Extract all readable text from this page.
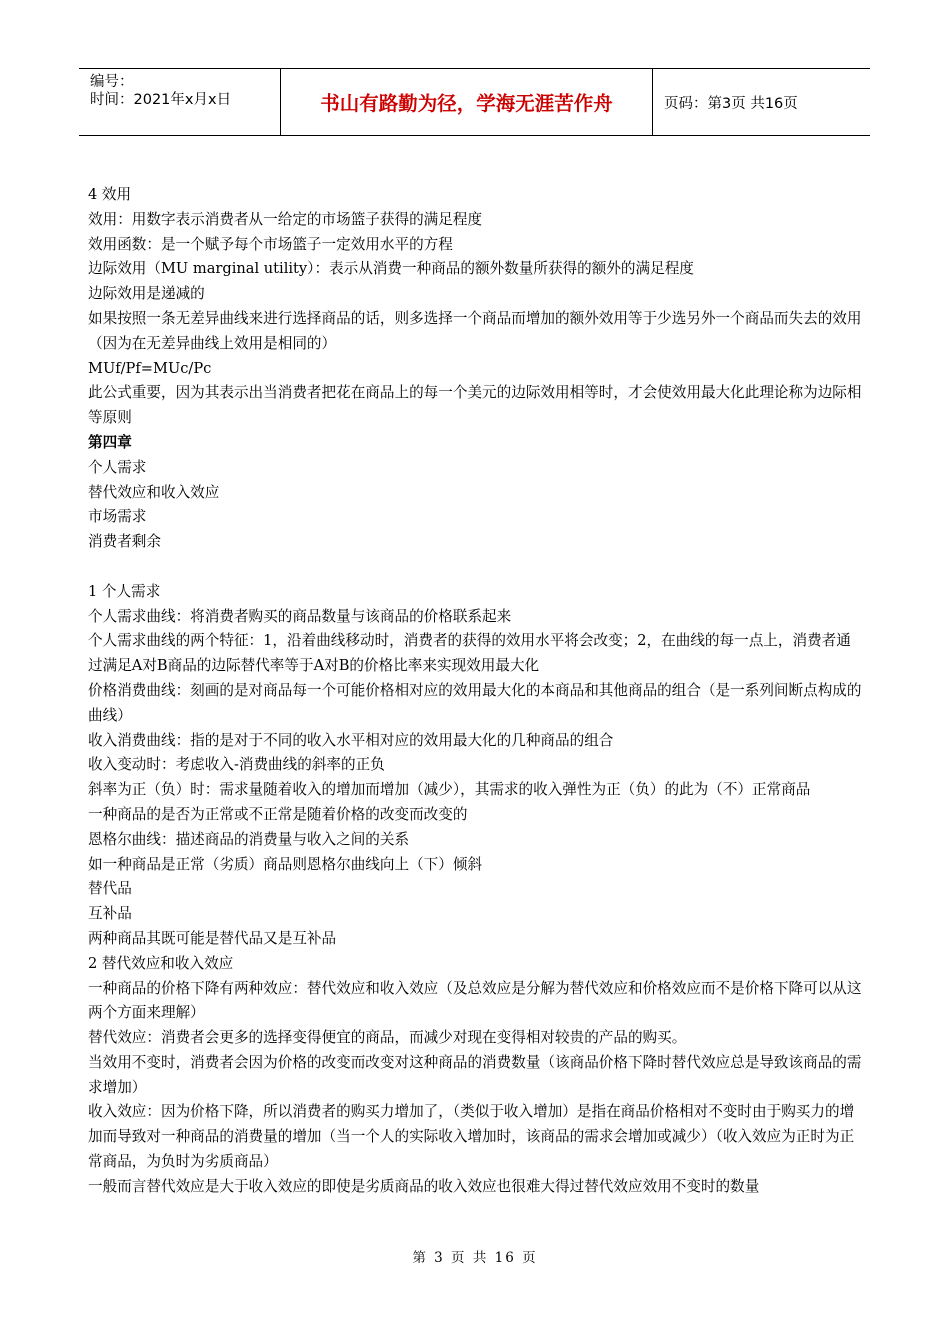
编号：
时间：2021年x月x日	书山有路勤为径，学海无涯苦作舟	页码：第3页 共16页

4 效用

效用：用数字表示消费者从一给定的市场篮子获得的满足程度

效用函数：是一个赋予每个市场篮子一定效用水平的方程

边际效用（MU marginal utility）：表示从消费一种商品的额外数量所获得的额外的满足程度

边际效用是递减的

如果按照一条无差异曲线来进行选择商品的话，则多选择一个商品而增加的额外效用等于少选另外一个商品而失去的效用（因为在无差异曲线上效用是相同的）

MUf/Pf=MUc/Pc

此公式重要，因为其表示出当消费者把花在商品上的每一个美元的边际效用相等时，才会使效用最大化此理论称为边际相等原则

第四章

个人需求

替代效应和收入效应

市场需求

消费者剩余

1 个人需求

个人需求曲线：将消费者购买的商品数量与该商品的价格联系起来

个人需求曲线的两个特征：1，沿着曲线移动时，消费者的获得的效用水平将会改变；2，在曲线的每一点上，消费者通过满足A对B商品的边际替代率等于A对B的价格比率来实现效用最大化

价格消费曲线：刻画的是对商品每一个可能价格相对应的效用最大化的本商品和其他商品的组合（是一系列间断点构成的曲线）

收入消费曲线：指的是对于不同的收入水平相对应的效用最大化的几种商品的组合

收入变动时：考虑收入-消费曲线的斜率的正负

斜率为正（负）时：需求量随着收入的增加而增加（减少），其需求的收入弹性为正（负）的此为（不）正常商品

一种商品的是否为正常或不正常是随着价格的改变而改变的

恩格尔曲线：描述商品的消费量与收入之间的关系

如一种商品是正常（劣质）商品则恩格尔曲线向上（下）倾斜

替代品

互补品

两种商品其既可能是替代品又是互补品

2 替代效应和收入效应

一种商品的价格下降有两种效应：替代效应和收入效应（及总效应是分解为替代效应和价格效应而不是价格下降可以从这两个方面来理解）

替代效应：消费者会更多的选择变得便宜的商品，而减少对现在变得相对较贵的产品的购买。

当效用不变时，消费者会因为价格的改变而改变对这种商品的消费数量（该商品价格下降时替代效应总是导致该商品的需求增加）

收入效应：因为价格下降，所以消费者的购买力增加了，（类似于收入增加）是指在商品价格相对不变时由于购买力的增加而导致对一种商品的消费量的增加（当一个人的实际收入增加时，该商品的需求会增加或减少）（收入效应为正时为正常商品，为负时为劣质商品）

一般而言替代效应是大于收入效应的即使是劣质商品的收入效应也很难大得过替代效应效用不变时的数量

第 3 页 共 16 页
